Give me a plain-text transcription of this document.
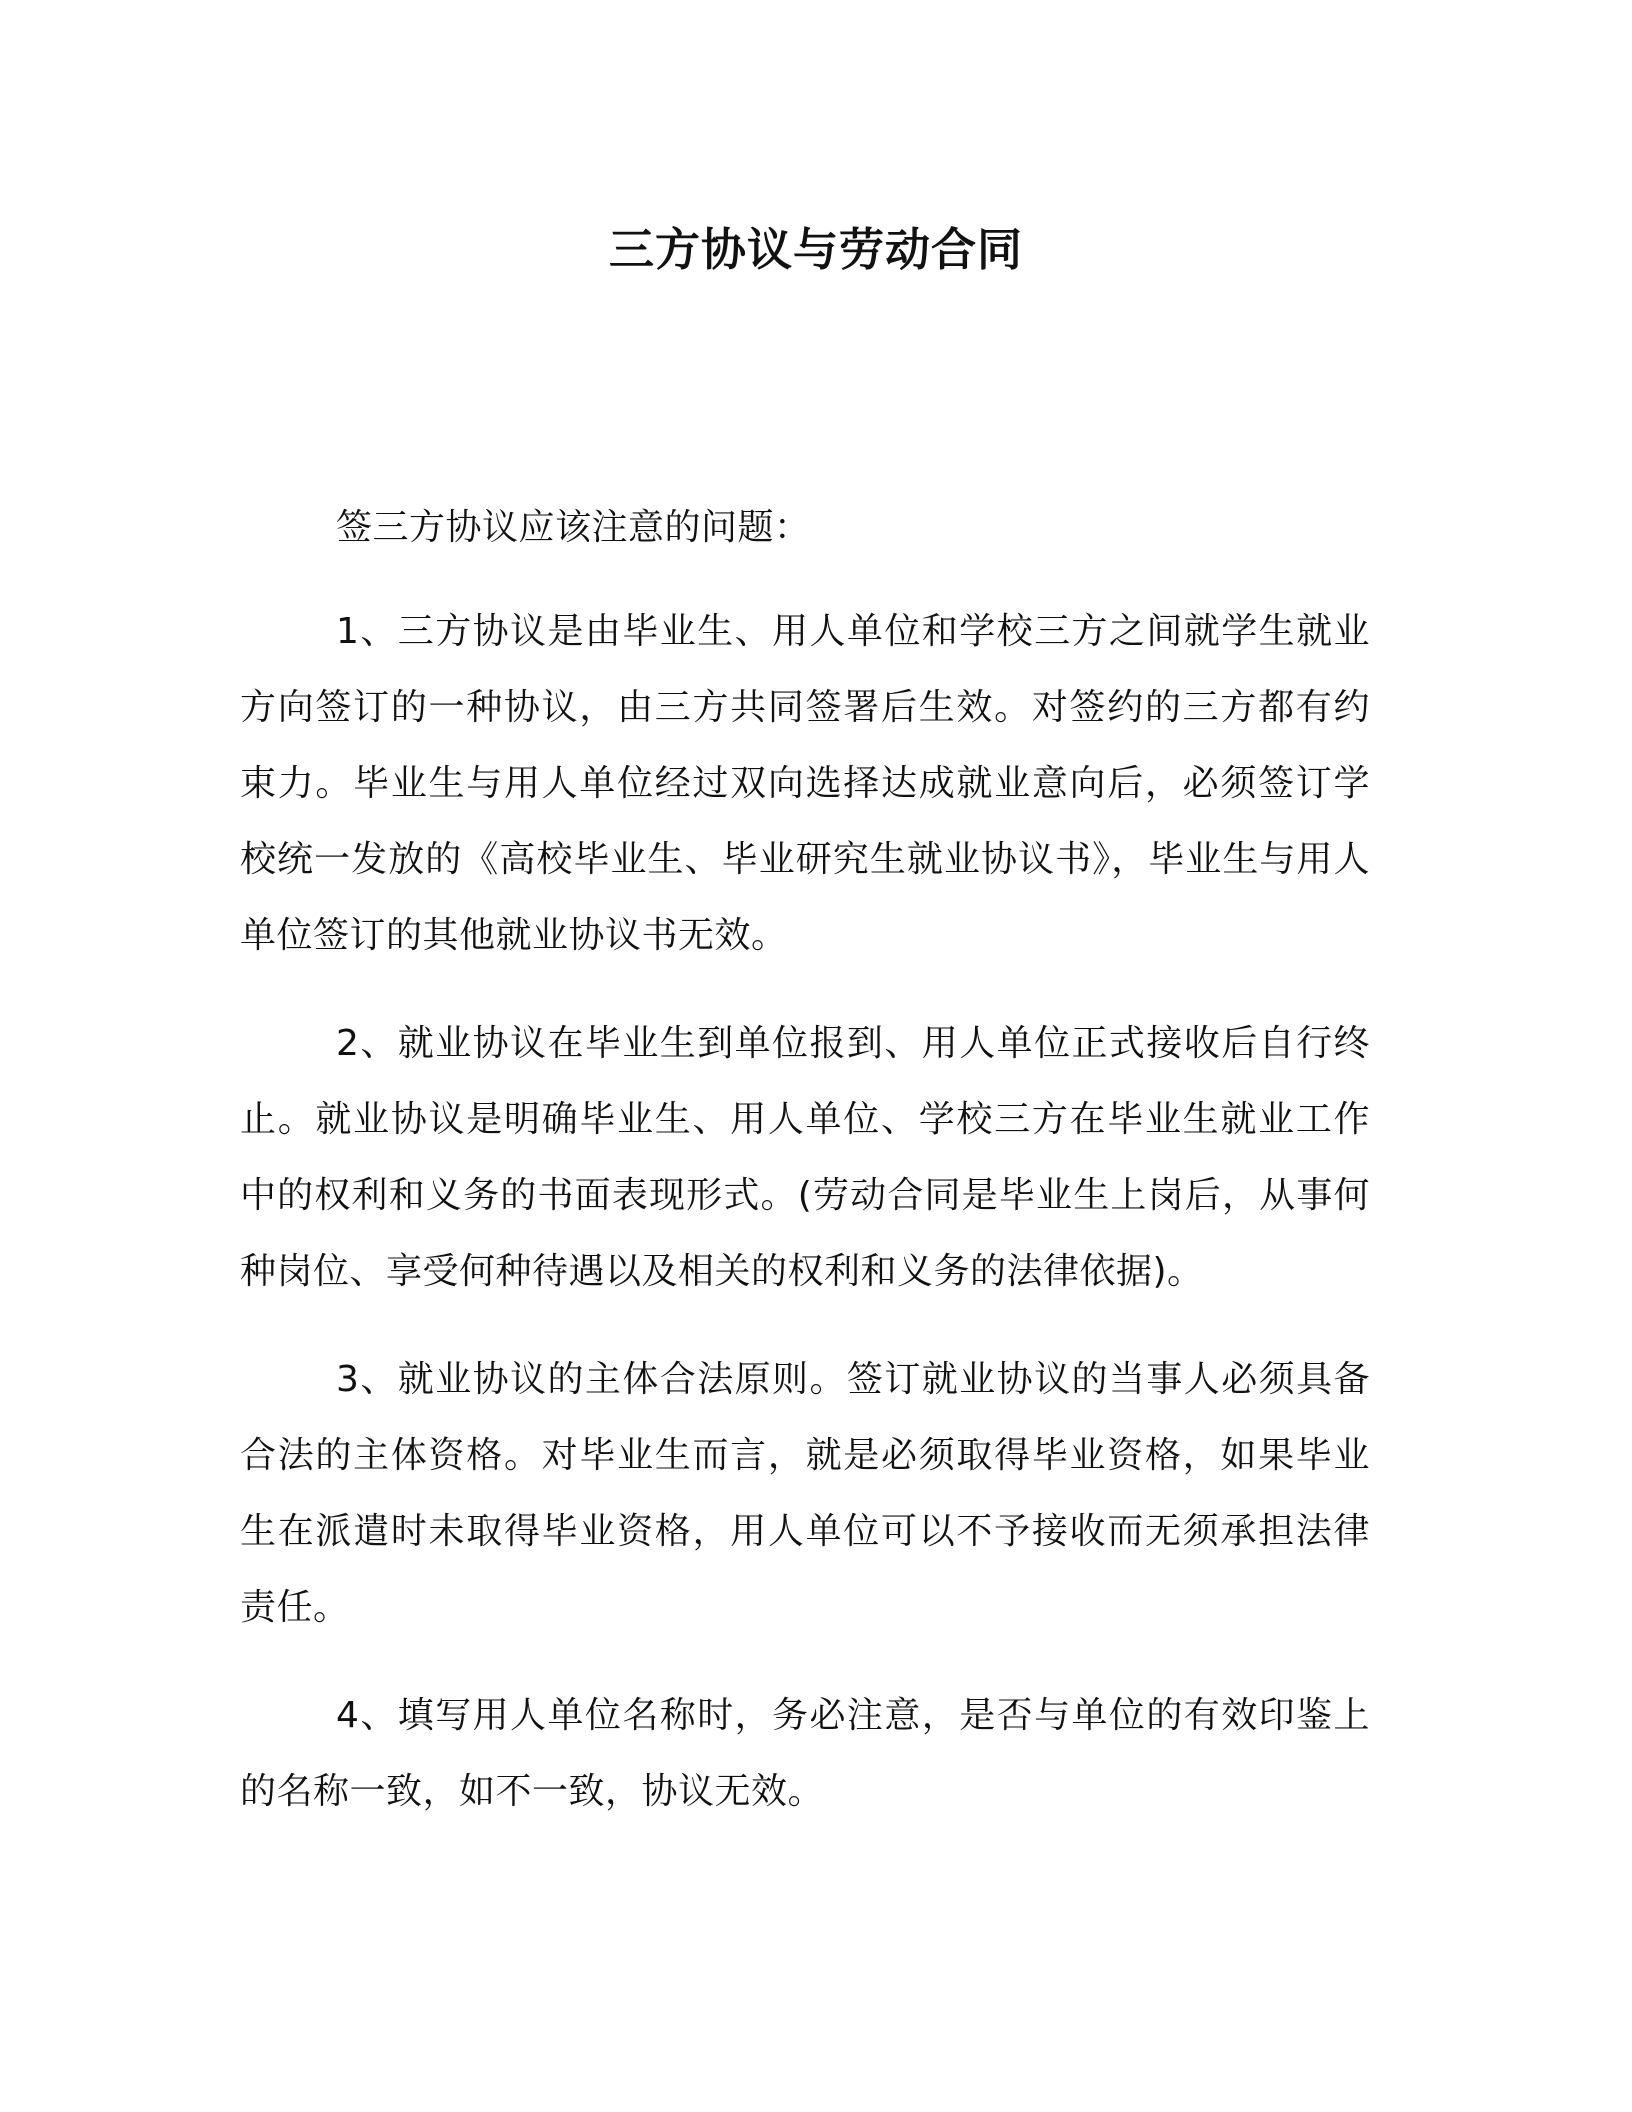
三方协议与劳动合同

签三方协议应该注意的问题：

1、三方协议是由毕业生、用人单位和学校三方之间就学生就业方向签订的一种协议，由三方共同签署后生效。对签约的三方都有约束力。毕业生与用人单位经过双向选择达成就业意向后，必须签订学校统一发放的《高校毕业生、毕业研究生就业协议书》，毕业生与用人单位签订的其他就业协议书无效。

2、就业协议在毕业生到单位报到、用人单位正式接收后自行终止。就业协议是明确毕业生、用人单位、学校三方在毕业生就业工作中的权利和义务的书面表现形式。(劳动合同是毕业生上岗后，从事何种岗位、享受何种待遇以及相关的权利和义务的法律依据)。

3、就业协议的主体合法原则。签订就业协议的当事人必须具备合法的主体资格。对毕业生而言，就是必须取得毕业资格，如果毕业生在派遣时未取得毕业资格，用人单位可以不予接收而无须承担法律责任。

4、填写用人单位名称时，务必注意，是否与单位的有效印鉴上的名称一致，如不一致，协议无效。
